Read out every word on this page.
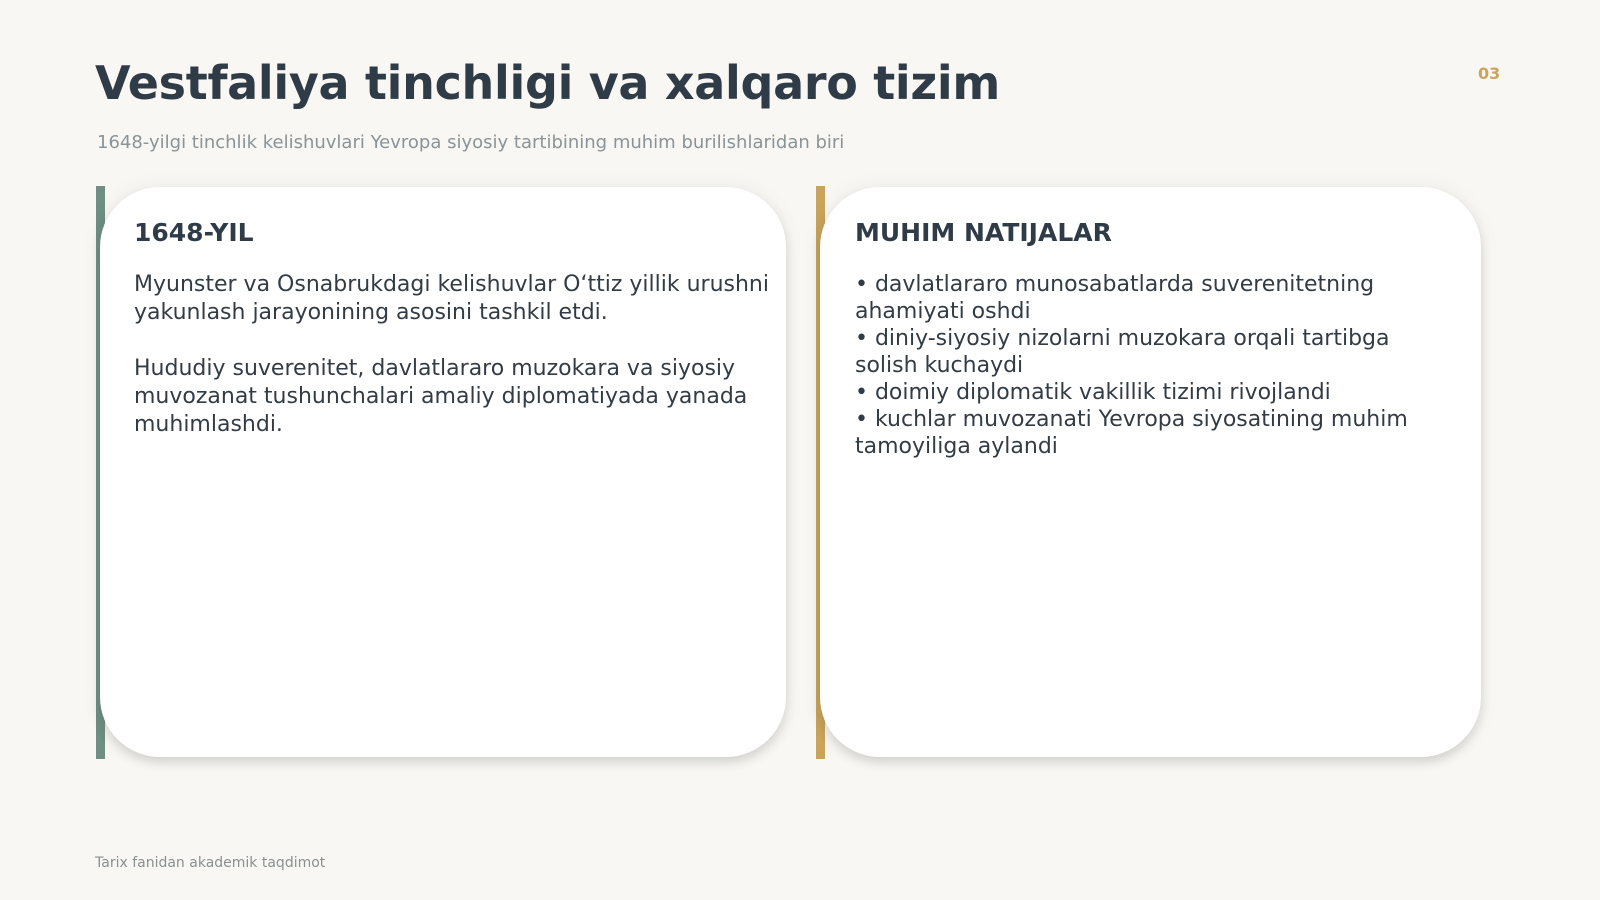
Vestfaliya tinchligi va xalqaro tizim	03
1648-yilgi tinchlik kelishuvlari Yevropa siyosiy tartibining muhim burilishlaridan biri
1648-YIL
Myunster va Osnabrukdagi kelishuvlar O‘ttiz yillik urushni yakunlash jarayonining asosini tashkil etdi.
Hududiy suverenitet, davlatlararo muzokara va siyosiy muvozanat tushunchalari amaliy diplomatiyada yanada muhimlashdi.
MUHIM NATIJALAR
• davlatlararo munosabatlarda suverenitetning ahamiyati oshdi
• diniy-siyosiy nizolarni muzokara orqali tartibga solish kuchaydi
• doimiy diplomatik vakillik tizimi rivojlandi
• kuchlar muvozanati Yevropa siyosatining muhim tamoyiliga aylandi
Tarix fanidan akademik taqdimot
